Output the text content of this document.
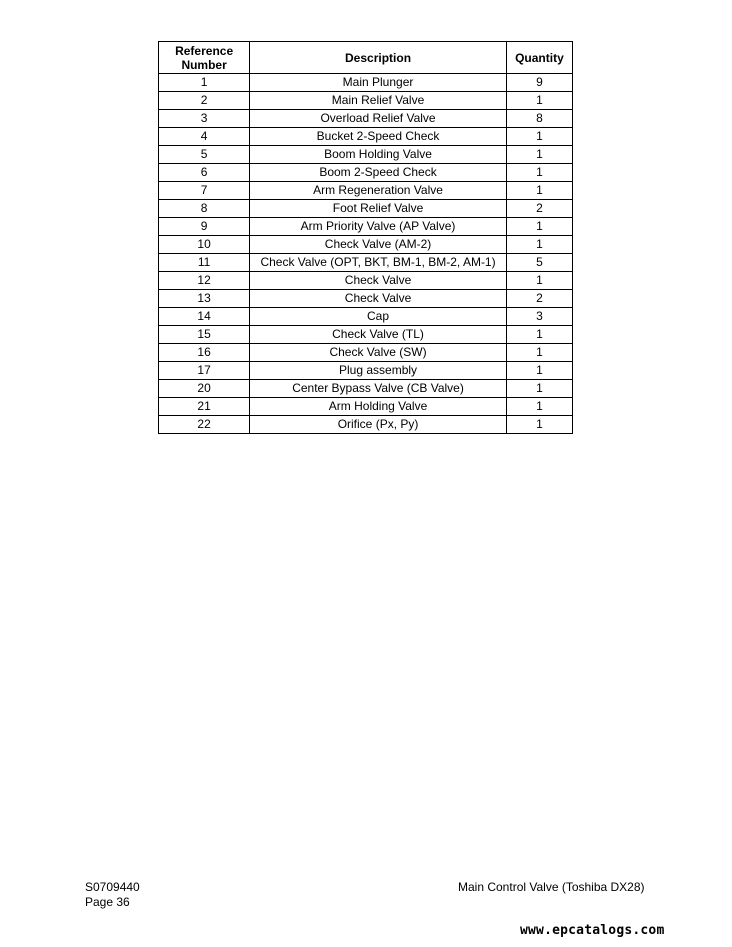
Reference
Number	Description	Quantity
1	Main Plunger	9
2	Main Relief Valve	1
3	Overload Relief Valve	8
4	Bucket 2-Speed Check	1
5	Boom Holding Valve	1
6	Boom 2-Speed Check	1
7	Arm Regeneration Valve	1
8	Foot Relief Valve	2
9	Arm Priority Valve (AP Valve)	1
10	Check Valve (AM-2)	1
11	Check Valve (OPT, BKT, BM-1, BM-2, AM-1)	5
12	Check Valve	1
13	Check Valve	2
14	Cap	3
15	Check Valve (TL)	1
16	Check Valve (SW)	1
17	Plug assembly	1
20	Center Bypass Valve (CB Valve)	1
21	Arm Holding Valve	1
22	Orifice (Px, Py)	1
S0709440
Page 36
Main Control Valve (Toshiba DX28)
www.epcatalogs.com
